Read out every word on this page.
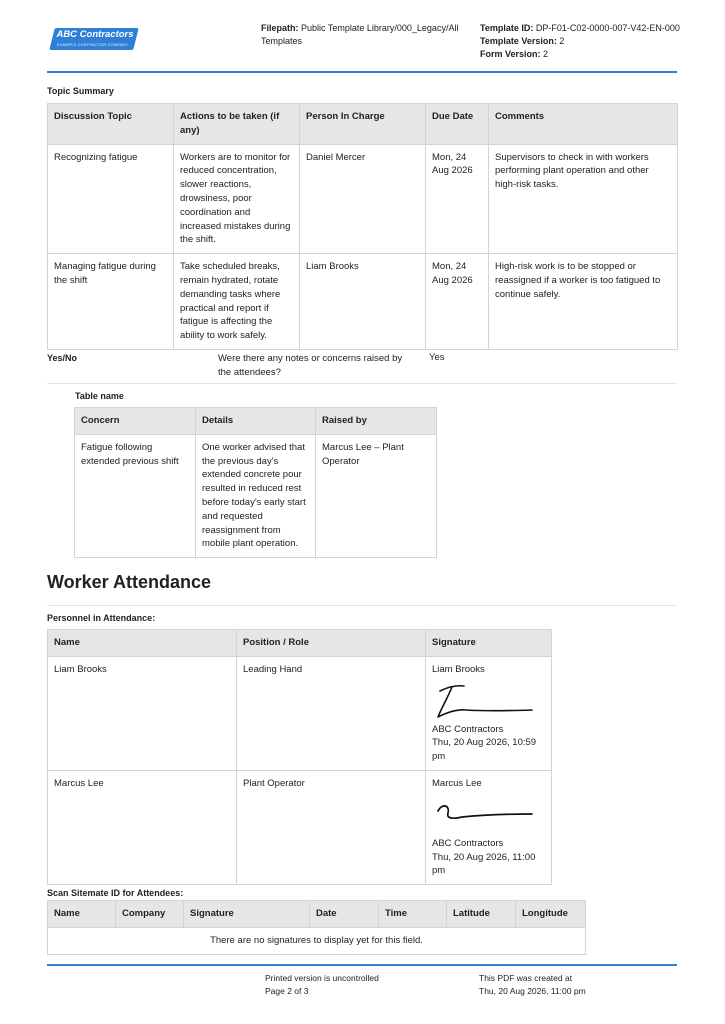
ABC Contractors
EXAMPLE CONTRACTOR COMPANY
Filepath: Public Template Library/000_Legacy/All Templates
Template ID: DP-F01-C02-0000-007-V42-EN-000
Template Version: 2
Form Version: 2
Topic Summary
Discussion Topic	Actions to be taken (if any)	Person In Charge	Due Date	Comments
Recognizing fatigue	Workers are to monitor for reduced concentration, slower reactions, drowsiness, poor coordination and increased mistakes during the shift.	Daniel Mercer	Mon, 24 Aug 2026	Supervisors to check in with workers performing plant operation and other high-risk tasks.
Managing fatigue during the shift	Take scheduled breaks, remain hydrated, rotate demanding tasks where practical and report if fatigue is affecting the ability to work safely.	Liam Brooks	Mon, 24 Aug 2026	High-risk work is to be stopped or reassigned if a worker is too fatigued to continue safely.
Yes/No	Were there any notes or concerns raised by the attendees?
Yes
Table name
Concern	Details	Raised by
Fatigue following extended previous shift	One worker advised that the previous day's extended concrete pour resulted in reduced rest before today's early start and requested reassignment from mobile plant operation.	Marcus Lee – Plant Operator
Worker Attendance
Personnel in Attendance:
Name	Position / Role	Signature
Liam Brooks	Leading Hand	Liam Brooks
ABC Contractors
Thu, 20 Aug 2026, 10:59 pm

Marcus Lee	Plant Operator	Marcus Lee
ABC Contractors
Thu, 20 Aug 2026, 11:00 pm
Scan Sitemate ID for Attendees:
Name	Company	Signature	Date	Time	Latitude	Longitude
There are no signatures to display yet for this field.
Printed version is uncontrolled
Page 2 of 3
This PDF was created at
Thu, 20 Aug 2026, 11:00 pm
